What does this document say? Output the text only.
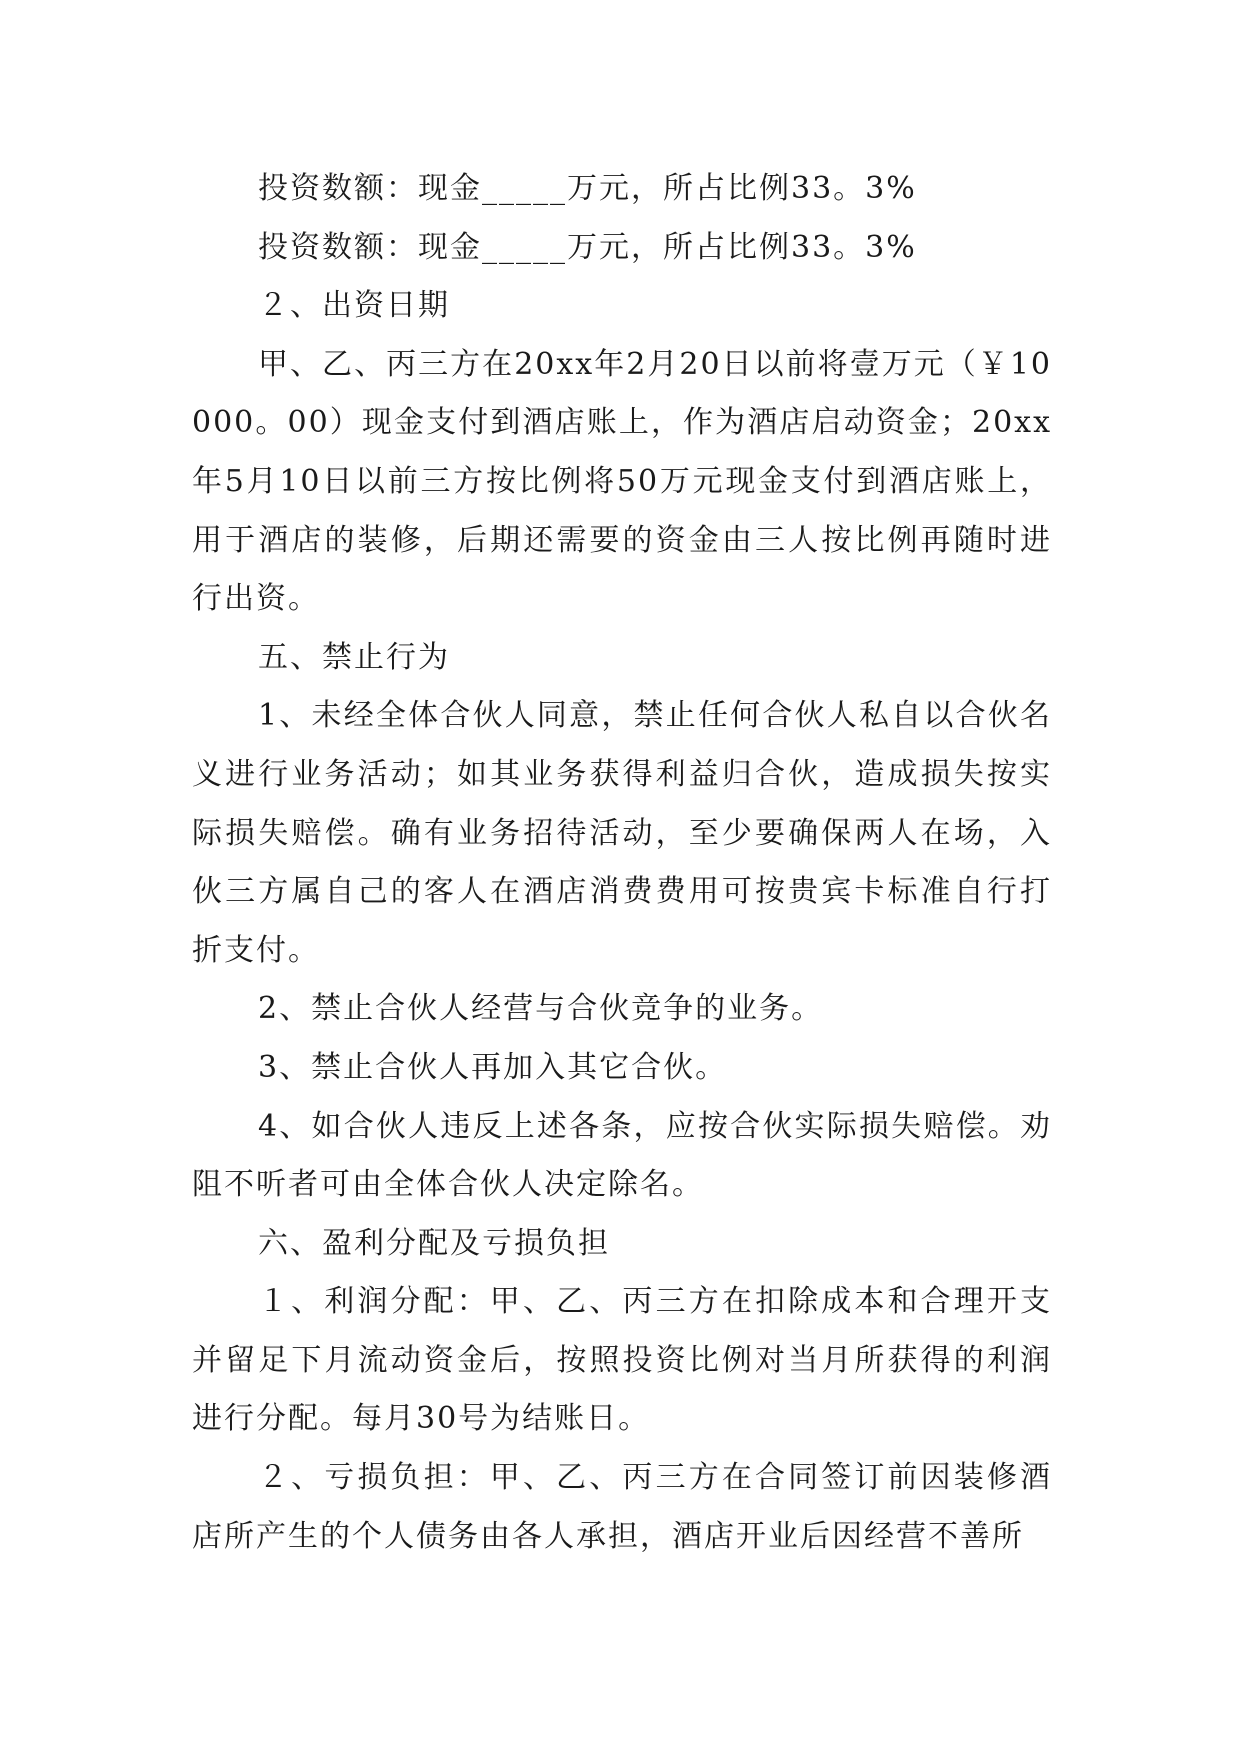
投资数额：现金_____万元，所占比例33。3%

投资数额：现金_____万元，所占比例33。3%

２、出资日期

甲、乙、丙三方在20xx年2月20日以前将壹万元（￥10000。00）现金支付到酒店账上，作为酒店启动资金；20xx年5月10日以前三方按比例将50万元现金支付到酒店账上，用于酒店的装修，后期还需要的资金由三人按比例再随时进行出资。

五、禁止行为

1、未经全体合伙人同意，禁止任何合伙人私自以合伙名义进行业务活动；如其业务获得利益归合伙，造成损失按实际损失赔偿。确有业务招待活动，至少要确保两人在场，入伙三方属自己的客人在酒店消费费用可按贵宾卡标准自行打折支付。

2、禁止合伙人经营与合伙竞争的业务。

3、禁止合伙人再加入其它合伙。

4、如合伙人违反上述各条，应按合伙实际损失赔偿。劝阻不听者可由全体合伙人决定除名。

六、盈利分配及亏损负担

１、利润分配：甲、乙、丙三方在扣除成本和合理开支并留足下月流动资金后，按照投资比例对当月所获得的利润进行分配。每月30号为结账日。

２、亏损负担：甲、乙、丙三方在合同签订前因装修酒店所产生的个人债务由各人承担，酒店开业后因经营不善所
